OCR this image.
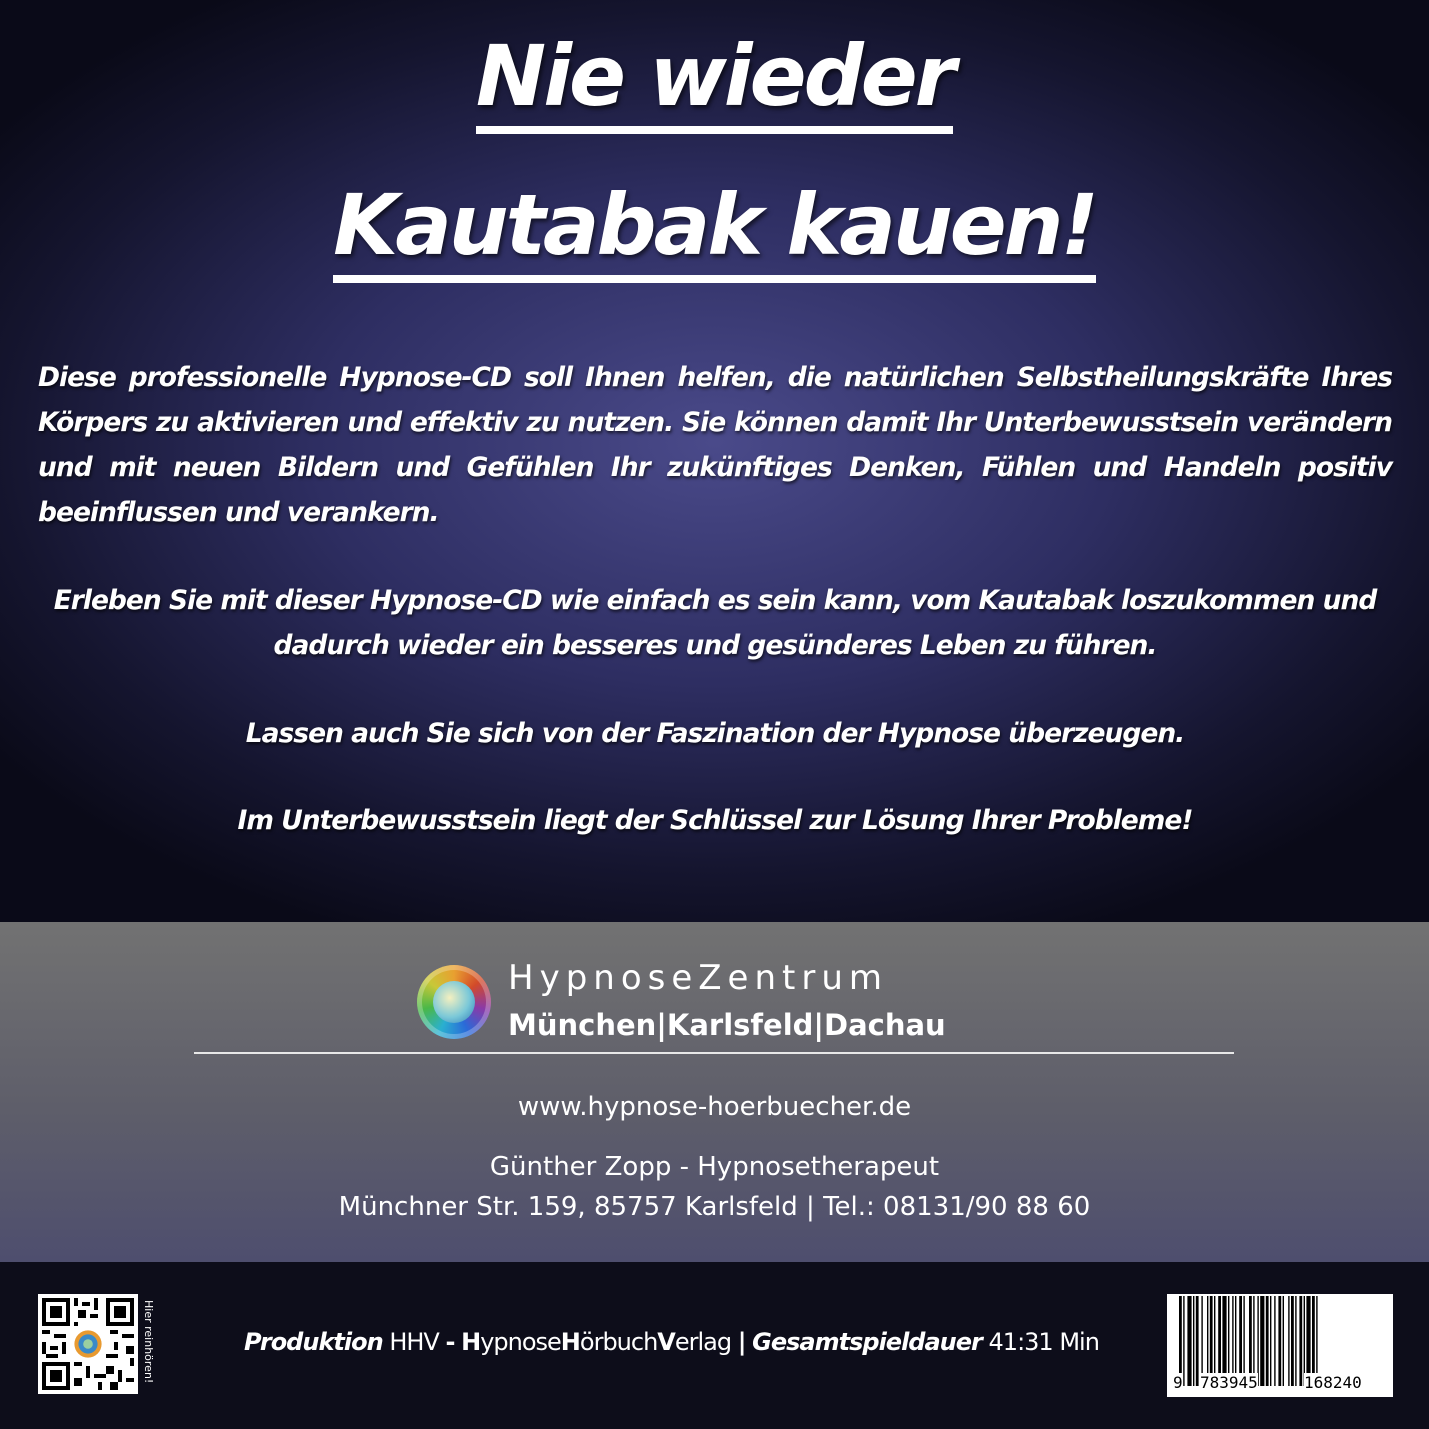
Nie wieder
Kautabak kauen!
Diese professionelle Hypnose-CD soll Ihnen helfen, die natürlichen Selbstheilungskräfte Ihres Körpers zu aktivieren und effektiv zu nutzen. Sie können damit Ihr Unterbewusstsein verändern und mit neuen Bildern und Gefühlen Ihr zukünftiges Denken, Fühlen und Handeln positiv beeinflussen und verankern.
Erleben Sie mit dieser Hypnose-CD wie einfach es sein kann, vom Kautabak loszukommen und dadurch wieder ein besseres und gesünderes Leben zu führen.
Lassen auch Sie sich von der Faszination der Hypnose überzeugen.
Im Unterbewusstsein liegt der Schlüssel zur Lösung Ihrer Probleme!
HypnoseZentrum
München|Karlsfeld|Dachau
www.hypnose-hoerbuecher.de
Günther Zopp - Hypnosetherapeut
Münchner Str. 159, 85757 Karlsfeld | Tel.: 08131/90 88 60
Hier reinhören!	Produktion HHV - HypnoseHörbuchVerlag | Gesamtspieldauer 41:31 Min
9 783945	168240
